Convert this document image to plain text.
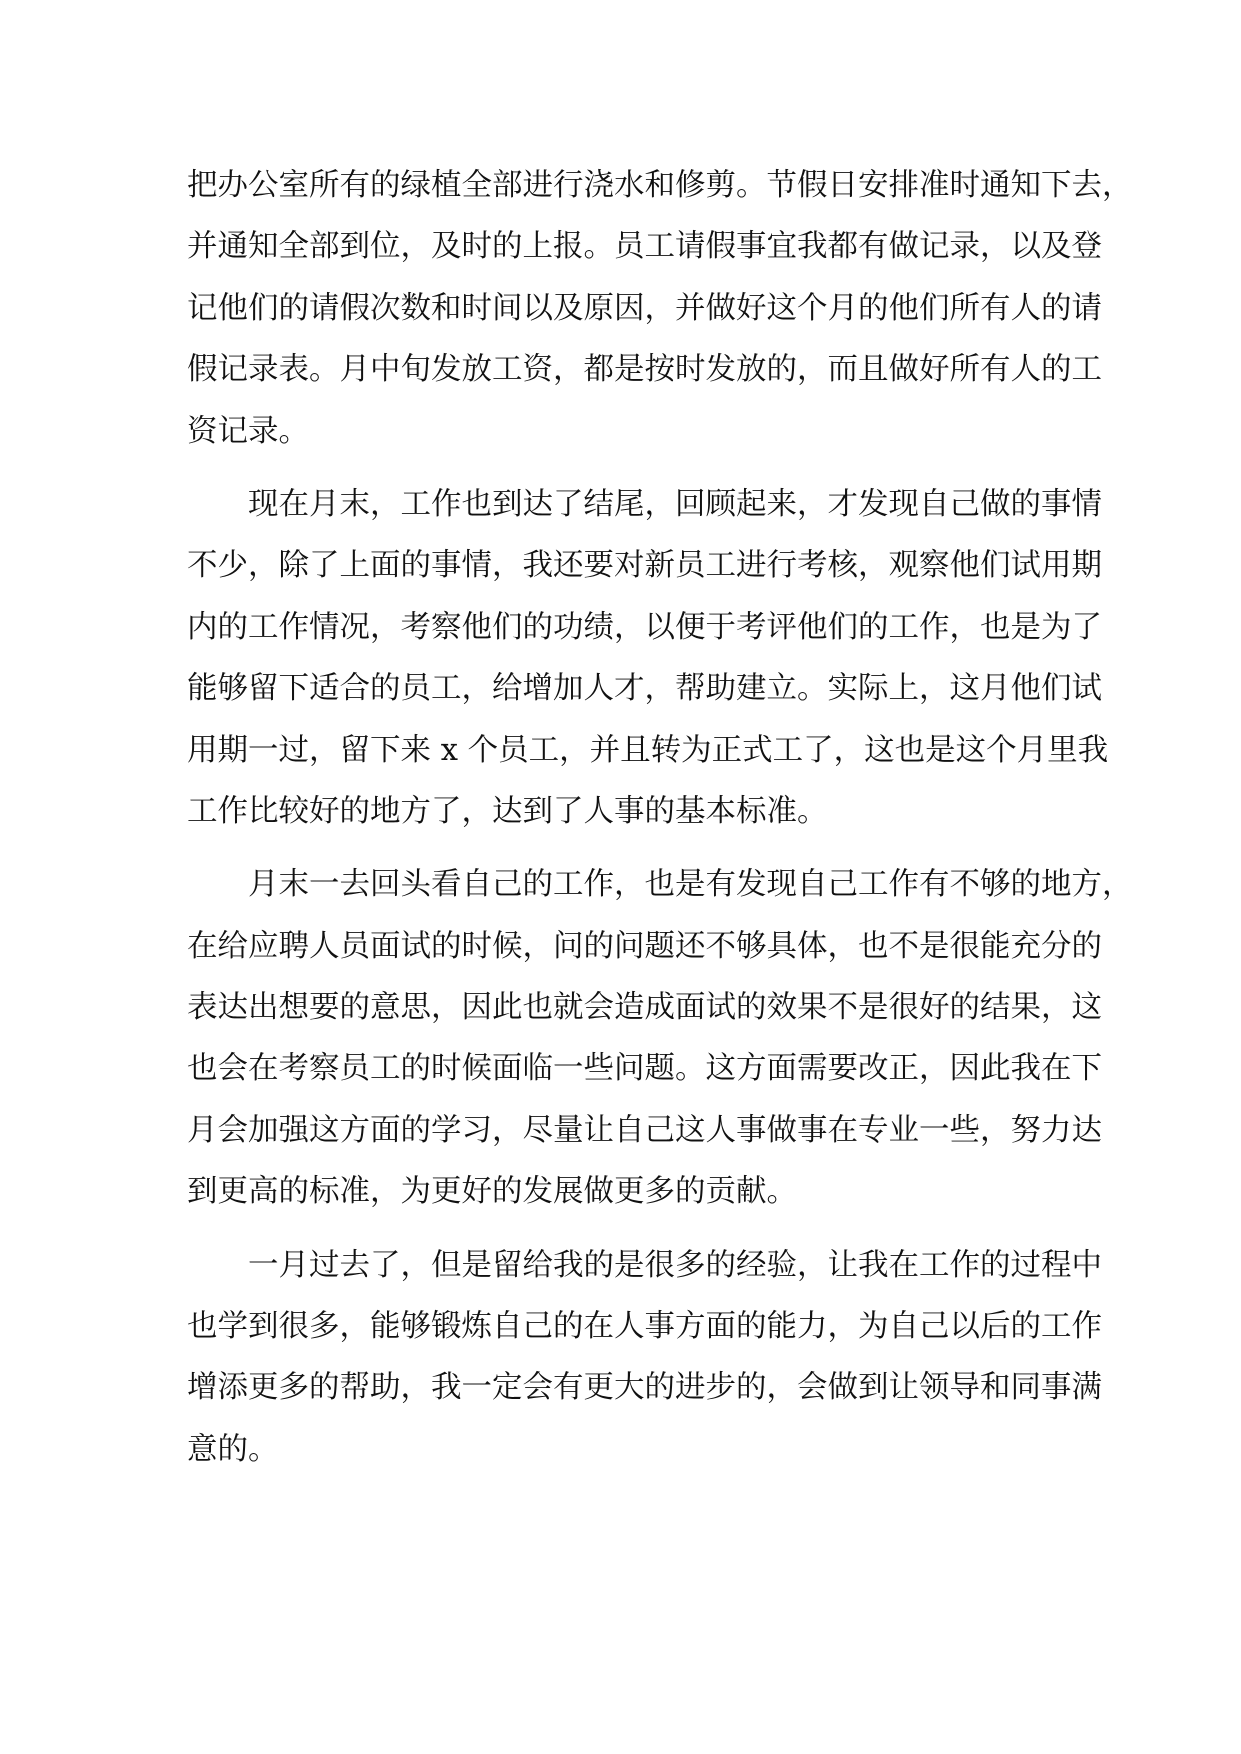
把办公室所有的绿植全部进行浇水和修剪。节假日安排准时通知下去，
并通知全部到位，及时的上报。员工请假事宜我都有做记录，以及登
记他们的请假次数和时间以及原因，并做好这个月的他们所有人的请
假记录表。月中旬发放工资，都是按时发放的，而且做好所有人的工
资记录。
　　现在月末，工作也到达了结尾，回顾起来，才发现自己做的事情
不少，除了上面的事情，我还要对新员工进行考核，观察他们试用期
内的工作情况，考察他们的功绩，以便于考评他们的工作，也是为了
能够留下适合的员工，给增加人才，帮助建立。实际上，这月他们试
用期一过，留下来 x 个员工，并且转为正式工了，这也是这个月里我
工作比较好的地方了，达到了人事的基本标准。
　　月末一去回头看自己的工作，也是有发现自己工作有不够的地方，
在给应聘人员面试的时候，问的问题还不够具体，也不是很能充分的
表达出想要的意思，因此也就会造成面试的效果不是很好的结果，这
也会在考察员工的时候面临一些问题。这方面需要改正，因此我在下
月会加强这方面的学习，尽量让自己这人事做事在专业一些，努力达
到更高的标准，为更好的发展做更多的贡献。
　　一月过去了，但是留给我的是很多的经验，让我在工作的过程中
也学到很多，能够锻炼自己的在人事方面的能力，为自己以后的工作
增添更多的帮助，我一定会有更大的进步的，会做到让领导和同事满
意的。
